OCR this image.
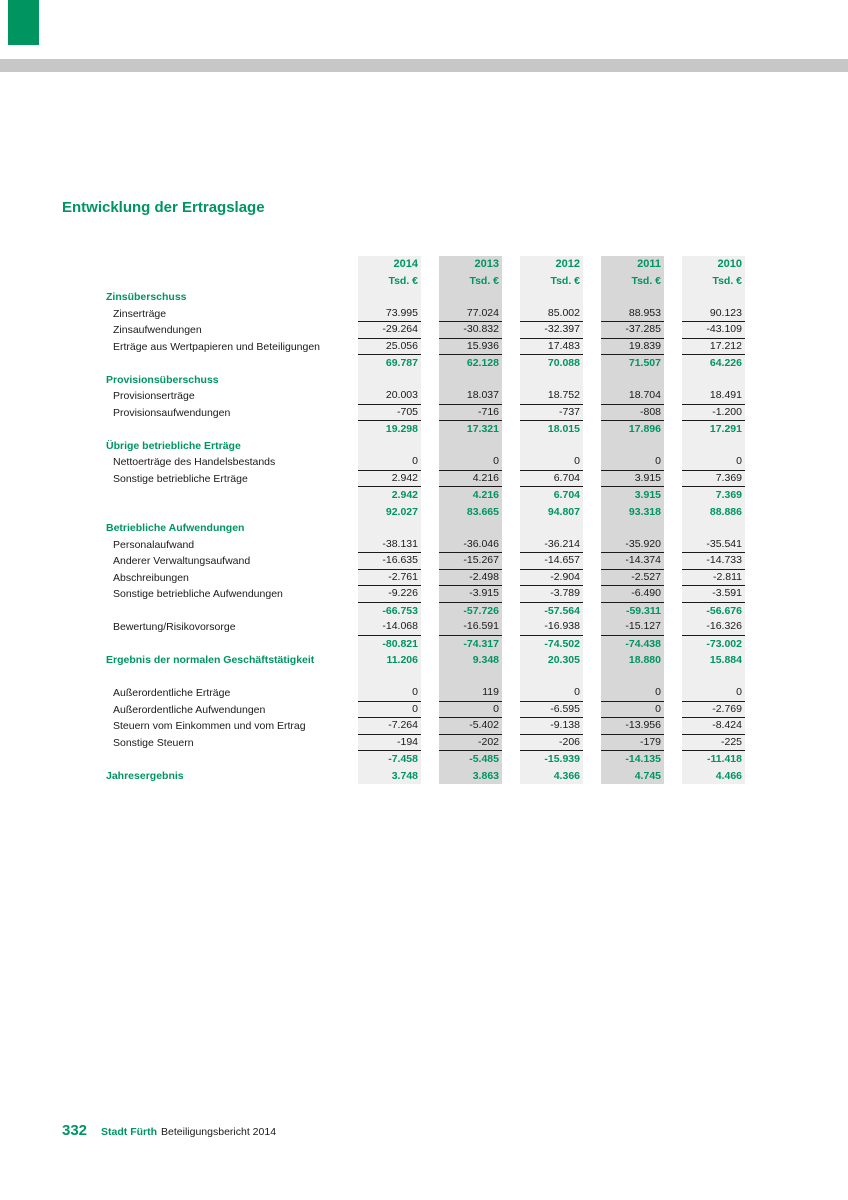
Entwicklung der Ertragslage
2014	2013	2012	2011	2010
Tsd. €	Tsd. €	Tsd. €	Tsd. €	Tsd. €
Zinsüberschuss
Zinserträge	73.995	77.024	85.002	88.953	90.123
Zinsaufwendungen	-29.264	-30.832	-32.397	-37.285	-43.109
Erträge aus Wertpapieren und Beteiligungen	25.056	15.936	17.483	19.839	17.212
69.787	62.128	70.088	71.507	64.226
Provisionsüberschuss
Provisionserträge	20.003	18.037	18.752	18.704	18.491
Provisionsaufwendungen	-705	-716	-737	-808	-1.200
19.298	17.321	18.015	17.896	17.291
Übrige betriebliche Erträge
Nettoerträge des Handelsbestands	0	0	0	0	0
Sonstige betriebliche Erträge	2.942	4.216	6.704	3.915	7.369
2.942	4.216	6.704	3.915	7.369
92.027	83.665	94.807	93.318	88.886
Betriebliche Aufwendungen
Personalaufwand	-38.131	-36.046	-36.214	-35.920	-35.541
Anderer Verwaltungsaufwand	-16.635	-15.267	-14.657	-14.374	-14.733
Abschreibungen	-2.761	-2.498	-2.904	-2.527	-2.811
Sonstige betriebliche Aufwendungen	-9.226	-3.915	-3.789	-6.490	-3.591
-66.753	-57.726	-57.564	-59.311	-56.676
Bewertung/Risikovorsorge	-14.068	-16.591	-16.938	-15.127	-16.326
-80.821	-74.317	-74.502	-74.438	-73.002
Ergebnis der normalen Geschäftstätigkeit	11.206	9.348	20.305	18.880	15.884
Außerordentliche Erträge	0	119	0	0	0
Außerordentliche Aufwendungen	0	0	-6.595	0	-2.769
Steuern vom Einkommen und vom Ertrag	-7.264	-5.402	-9.138	-13.956	-8.424
Sonstige Steuern	-194	-202	-206	-179	-225
-7.458	-5.485	-15.939	-14.135	-11.418
Jahresergebnis	3.748	3.863	4.366	4.745	4.466
332 Stadt Fürth Beteiligungsbericht 2014
